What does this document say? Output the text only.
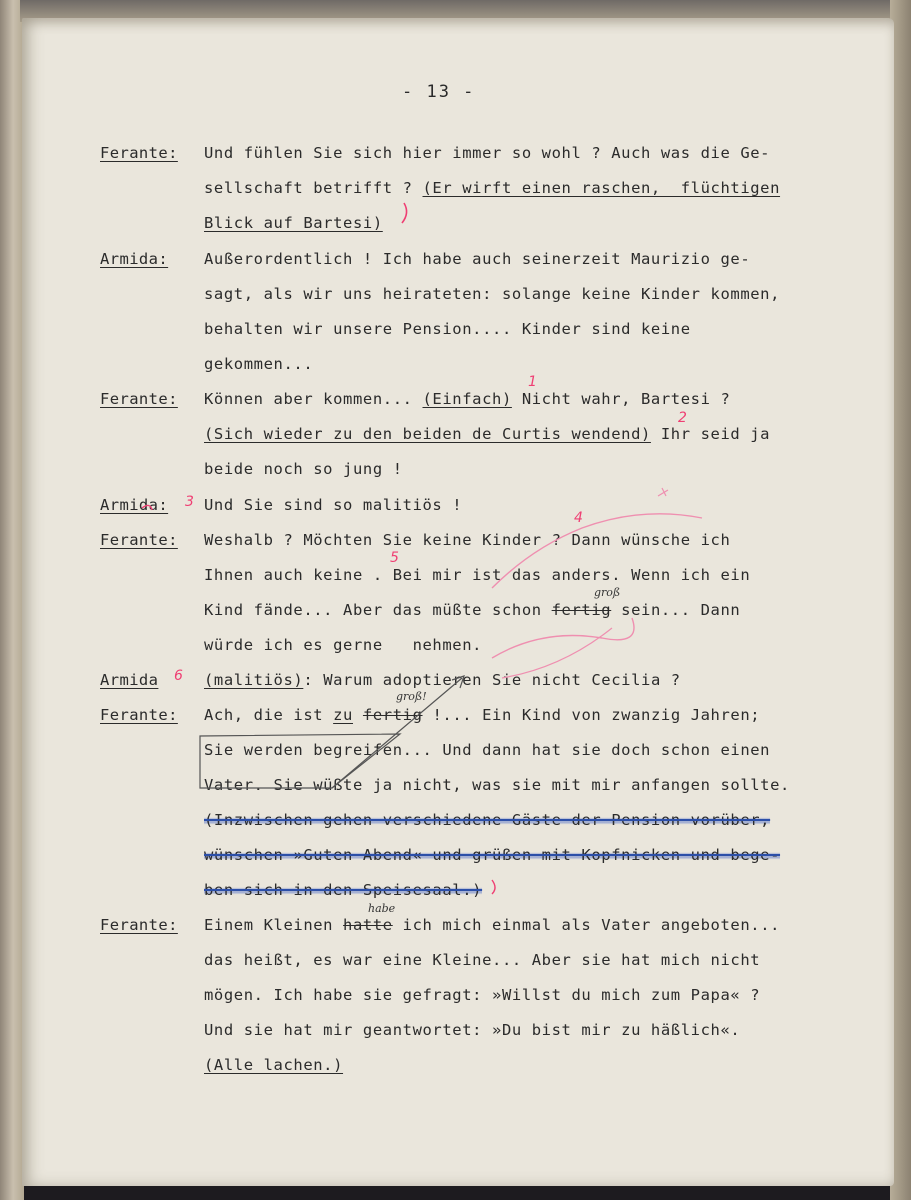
- 13 -
Ferante:
Armida:
Ferante:
Armida:
Ferante:
Armida
Ferante:
Ferante:
Und fühlen Sie sich hier immer so wohl ? Auch was die Ge-
sellschaft betrifft ? (Er wirft einen raschen,  flüchtigen
Blick auf Bartesi)
Außerordentlich ! Ich habe auch seinerzeit Maurizio ge-
sagt, als wir uns heirateten: solange keine Kinder kommen,
behalten wir unsere Pension.... Kinder sind keine
gekommen...
Können aber kommen... (Einfach) Nicht wahr, Bartesi ?
(Sich wieder zu den beiden de Curtis wendend) Ihr seid ja
beide noch so jung !
Und Sie sind so malitiös !
Weshalb ? Möchten Sie keine Kinder ? Dann wünsche ich
Ihnen auch keine . Bei mir ist das anders. Wenn ich ein
Kind fände... Aber das müßte schon fertig sein... Dann
würde ich es gerne   nehmen.
(malitiös): Warum adoptieren Sie nicht Cecilia ?
Ach, die ist zu fertig !... Ein Kind von zwanzig Jahren;
Sie werden begreifen... Und dann hat sie doch schon einen
Vater. Sie wüßte ja nicht, was sie mit mir anfangen sollte.
(Inzwischen gehen verschiedene Gäste der Pension vorüber,
wünschen »Guten Abend« und grüßen mit Kopfnicken und bege-
ben sich in den Speisesaal.)
Einem Kleinen hatte ich mich einmal als Vater angeboten...
das heißt, es war eine Kleine... Aber sie hat mich nicht
mögen. Ich habe sie gefragt: »Willst du mich zum Papa« ?
Und sie hat mir geantwortet: »Du bist mir zu häßlich«.
(Alle lachen.)
1
2
3
4
5
6
groß
groß!
habe
